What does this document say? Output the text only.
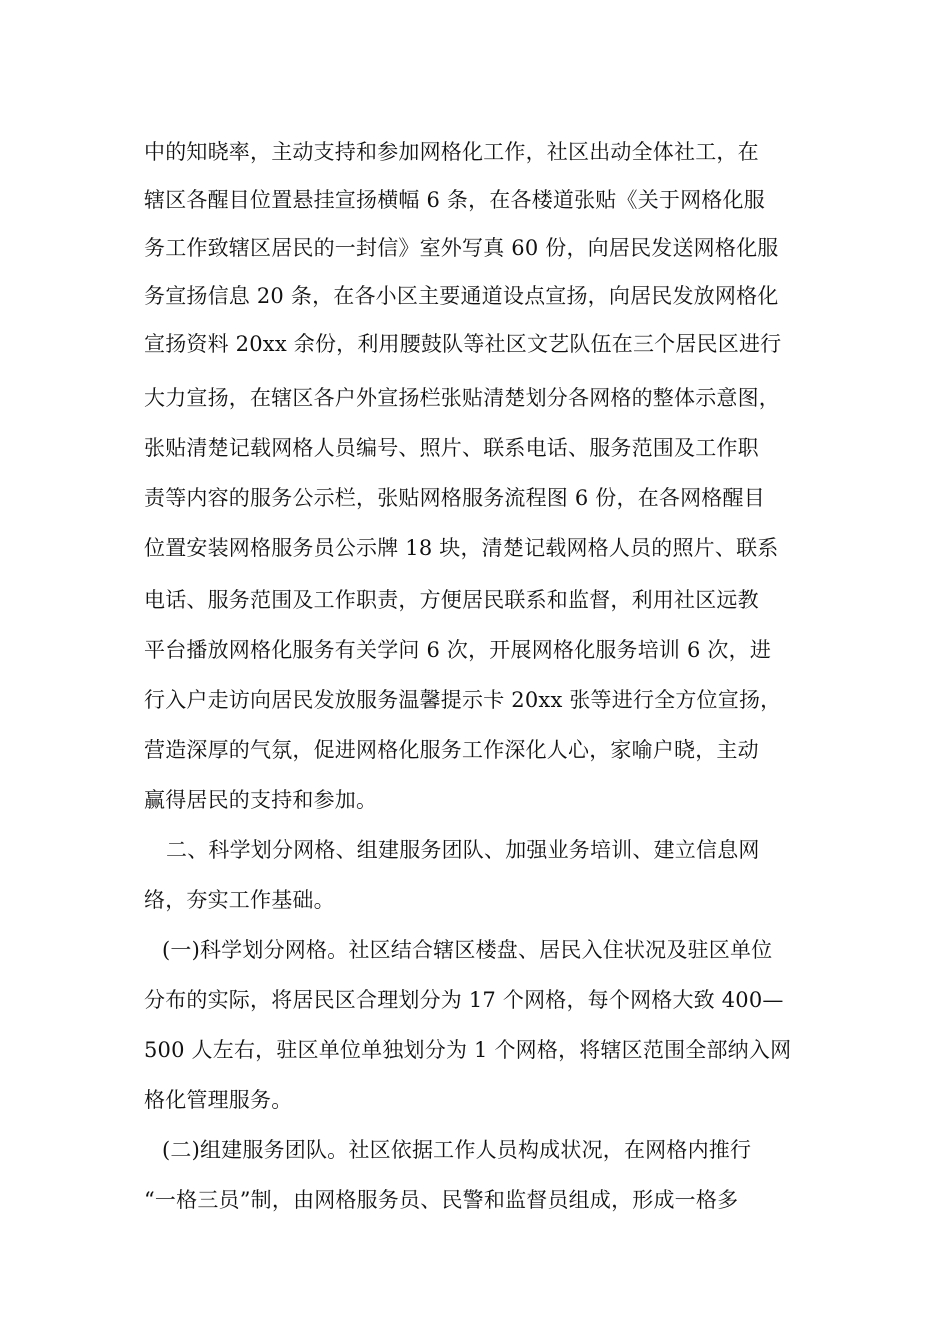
中的知晓率，主动支持和参加网格化工作，社区出动全体社工，在
辖区各醒目位置悬挂宣扬横幅 6 条，在各楼道张贴《关于网格化服
务工作致辖区居民的一封信》室外写真 60 份，向居民发送网格化服
务宣扬信息 20 条，在各小区主要通道设点宣扬，向居民发放网格化
宣扬资料 20xx 余份，利用腰鼓队等社区文艺队伍在三个居民区进行
大力宣扬，在辖区各户外宣扬栏张贴清楚划分各网格的整体示意图，
张贴清楚记载网格人员编号、照片、联系电话、服务范围及工作职
责等内容的服务公示栏，张贴网格服务流程图 6 份，在各网格醒目
位置安装网格服务员公示牌 18 块，清楚记载网格人员的照片、联系
电话、服务范围及工作职责，方便居民联系和监督，利用社区远教
平台播放网格化服务有关学问 6 次，开展网格化服务培训 6 次，进
行入户走访向居民发放服务温馨提示卡 20xx 张等进行全方位宣扬，
营造深厚的气氛，促进网格化服务工作深化人心，家喻户晓，主动
赢得居民的支持和参加。
二、科学划分网格、组建服务团队、加强业务培训、建立信息网
络，夯实工作基础。
(一)科学划分网格。社区结合辖区楼盘、居民入住状况及驻区单位
分布的实际，将居民区合理划分为 17 个网格，每个网格大致 400—
500 人左右，驻区单位单独划分为 1 个网格，将辖区范围全部纳入网
格化管理服务。
(二)组建服务团队。社区依据工作人员构成状况，在网格内推行
“一格三员”制，由网格服务员、民警和监督员组成，形成一格多
